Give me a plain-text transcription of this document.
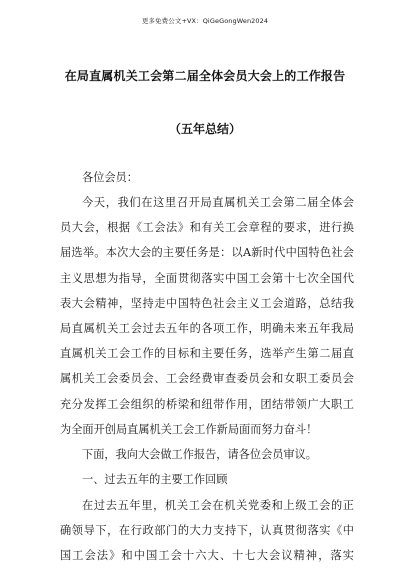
更多免费公文+VX：QiGeGongWen2024
在局直属机关工会第二届全体会员大会上的工作报告
（五年总结）
各位会员：
今天，我们在这里召开局直属机关工会第二届全体会
员大会，根据《工会法》和有关工会章程的要求，进行换
届选举。本次大会的主要任务是：以A新时代中国特色社会
主义思想为指导，全面贯彻落实中国工会第十七次全国代
表大会精神，坚持走中国特色社会主义工会道路，总结我
局直属机关工会过去五年的各项工作，明确未来五年我局
直属机关工会工作的目标和主要任务，选举产生第二届直
属机关工会委员会、工会经费审查委员会和女职工委员会
充分发挥工会组织的桥梁和纽带作用，团结带领广大职工
为全面开创局直属机关工会工作新局面而努力奋斗！
下面，我向大会做工作报告，请各位会员审议。
一、过去五年的主要工作回顾
在过去五年里，机关工会在机关党委和上级工会的正
确领导下，在行政部门的大力支持下，认真贯彻落实《中
国工会法》和中国工会十六大、十七大会议精神，落实
